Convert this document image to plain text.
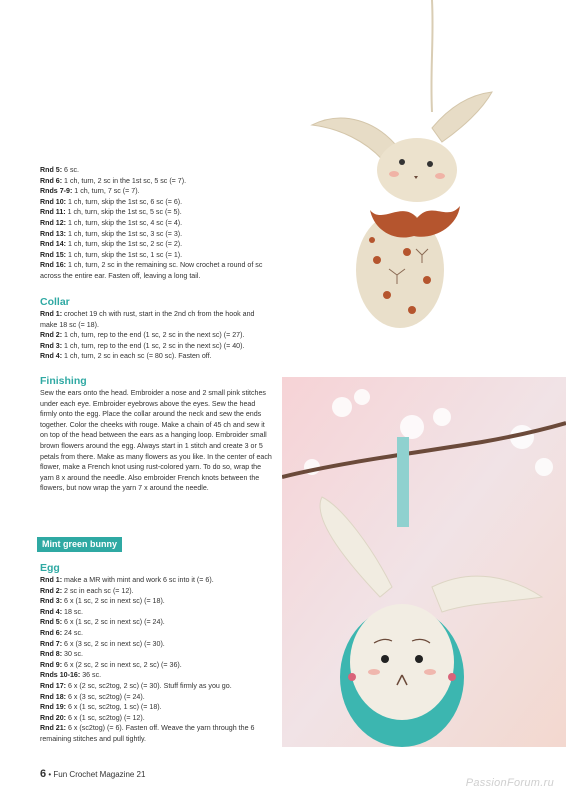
Rnd 5: 6 sc.

Rnd 6: 1 ch, turn, 2 sc in the 1st sc, 5 sc (= 7).

Rnds 7-9: 1 ch, turn, 7 sc (= 7).

Rnd 10: 1 ch, turn, skip the 1st sc, 6 sc (= 6).

Rnd 11: 1 ch, turn, skip the 1st sc, 5 sc (= 5).

Rnd 12: 1 ch, turn, skip the 1st sc, 4 sc (= 4).

Rnd 13: 1 ch, turn, skip the 1st sc, 3 sc (= 3).

Rnd 14: 1 ch, turn, skip the 1st sc, 2 sc (= 2).

Rnd 15: 1 ch, turn, skip the 1st sc, 1 sc (= 1).

Rnd 16: 1 ch, turn, 2 sc in the remaining sc. Now crochet a round of sc across the entire ear. Fasten off, leaving a long tail.

Collar

Rnd 1: crochet 19 ch with rust, start in the 2nd ch from the hook and make 18 sc (= 18).

Rnd 2: 1 ch, turn, rep to the end (1 sc, 2 sc in the next sc) (= 27).

Rnd 3: 1 ch, turn, rep to the end (1 sc, 2 sc in the next sc) (= 40).

Rnd 4: 1 ch, turn, 2 sc in each sc (= 80 sc). Fasten off.

Finishing

Sew the ears onto the head. Embroider a nose and 2 small pink stitches under each eye. Embroider eyebrows above the eyes. Sew the head firmly onto the egg. Place the collar around the neck and sew the ends together. Color the cheeks with rouge. Make a chain of 45 ch and sew it on top of the head between the ears as a hanging loop. Embroider small brown flowers around the egg. Always start in 1 stitch and create 3 or 5 petals from there. Make as many flowers as you like. In the center of each flower, make a French knot using rust-colored yarn. To do so, wrap the yarn 8 x around the needle. Also embroider French knots between the flowers, but now wrap the yarn 7 x around the needle.

Mint green bunny

Egg

Rnd 1: make a MR with mint and work 6 sc into it (= 6).

Rnd 2: 2 sc in each sc (= 12).

Rnd 3: 6 x (1 sc, 2 sc in next sc) (= 18).

Rnd 4: 18 sc.

Rnd 5: 6 x (1 sc, 2 sc in next sc) (= 24).

Rnd 6: 24 sc.

Rnd 7: 6 x (3 sc, 2 sc in next sc) (= 30).

Rnd 8: 30 sc.

Rnd 9: 6 x (2 sc, 2 sc in next sc, 2 sc) (= 36).

Rnds 10-16: 36 sc.

Rnd 17: 6 x (2 sc, sc2tog, 2 sc) (= 30). Stuff firmly as you go.

Rnd 18: 6 x (3 sc, sc2tog) (= 24).

Rnd 19: 6 x (1 sc, sc2tog, 1 sc) (= 18).

Rnd 20: 6 x (1 sc, sc2tog) (= 12).

Rnd 21: 6 x (sc2tog) (= 6). Fasten off. Weave the yarn through the 6 remaining stitches and pull tightly.

6 • Fun Crochet Magazine 21
PassionForum.ru
